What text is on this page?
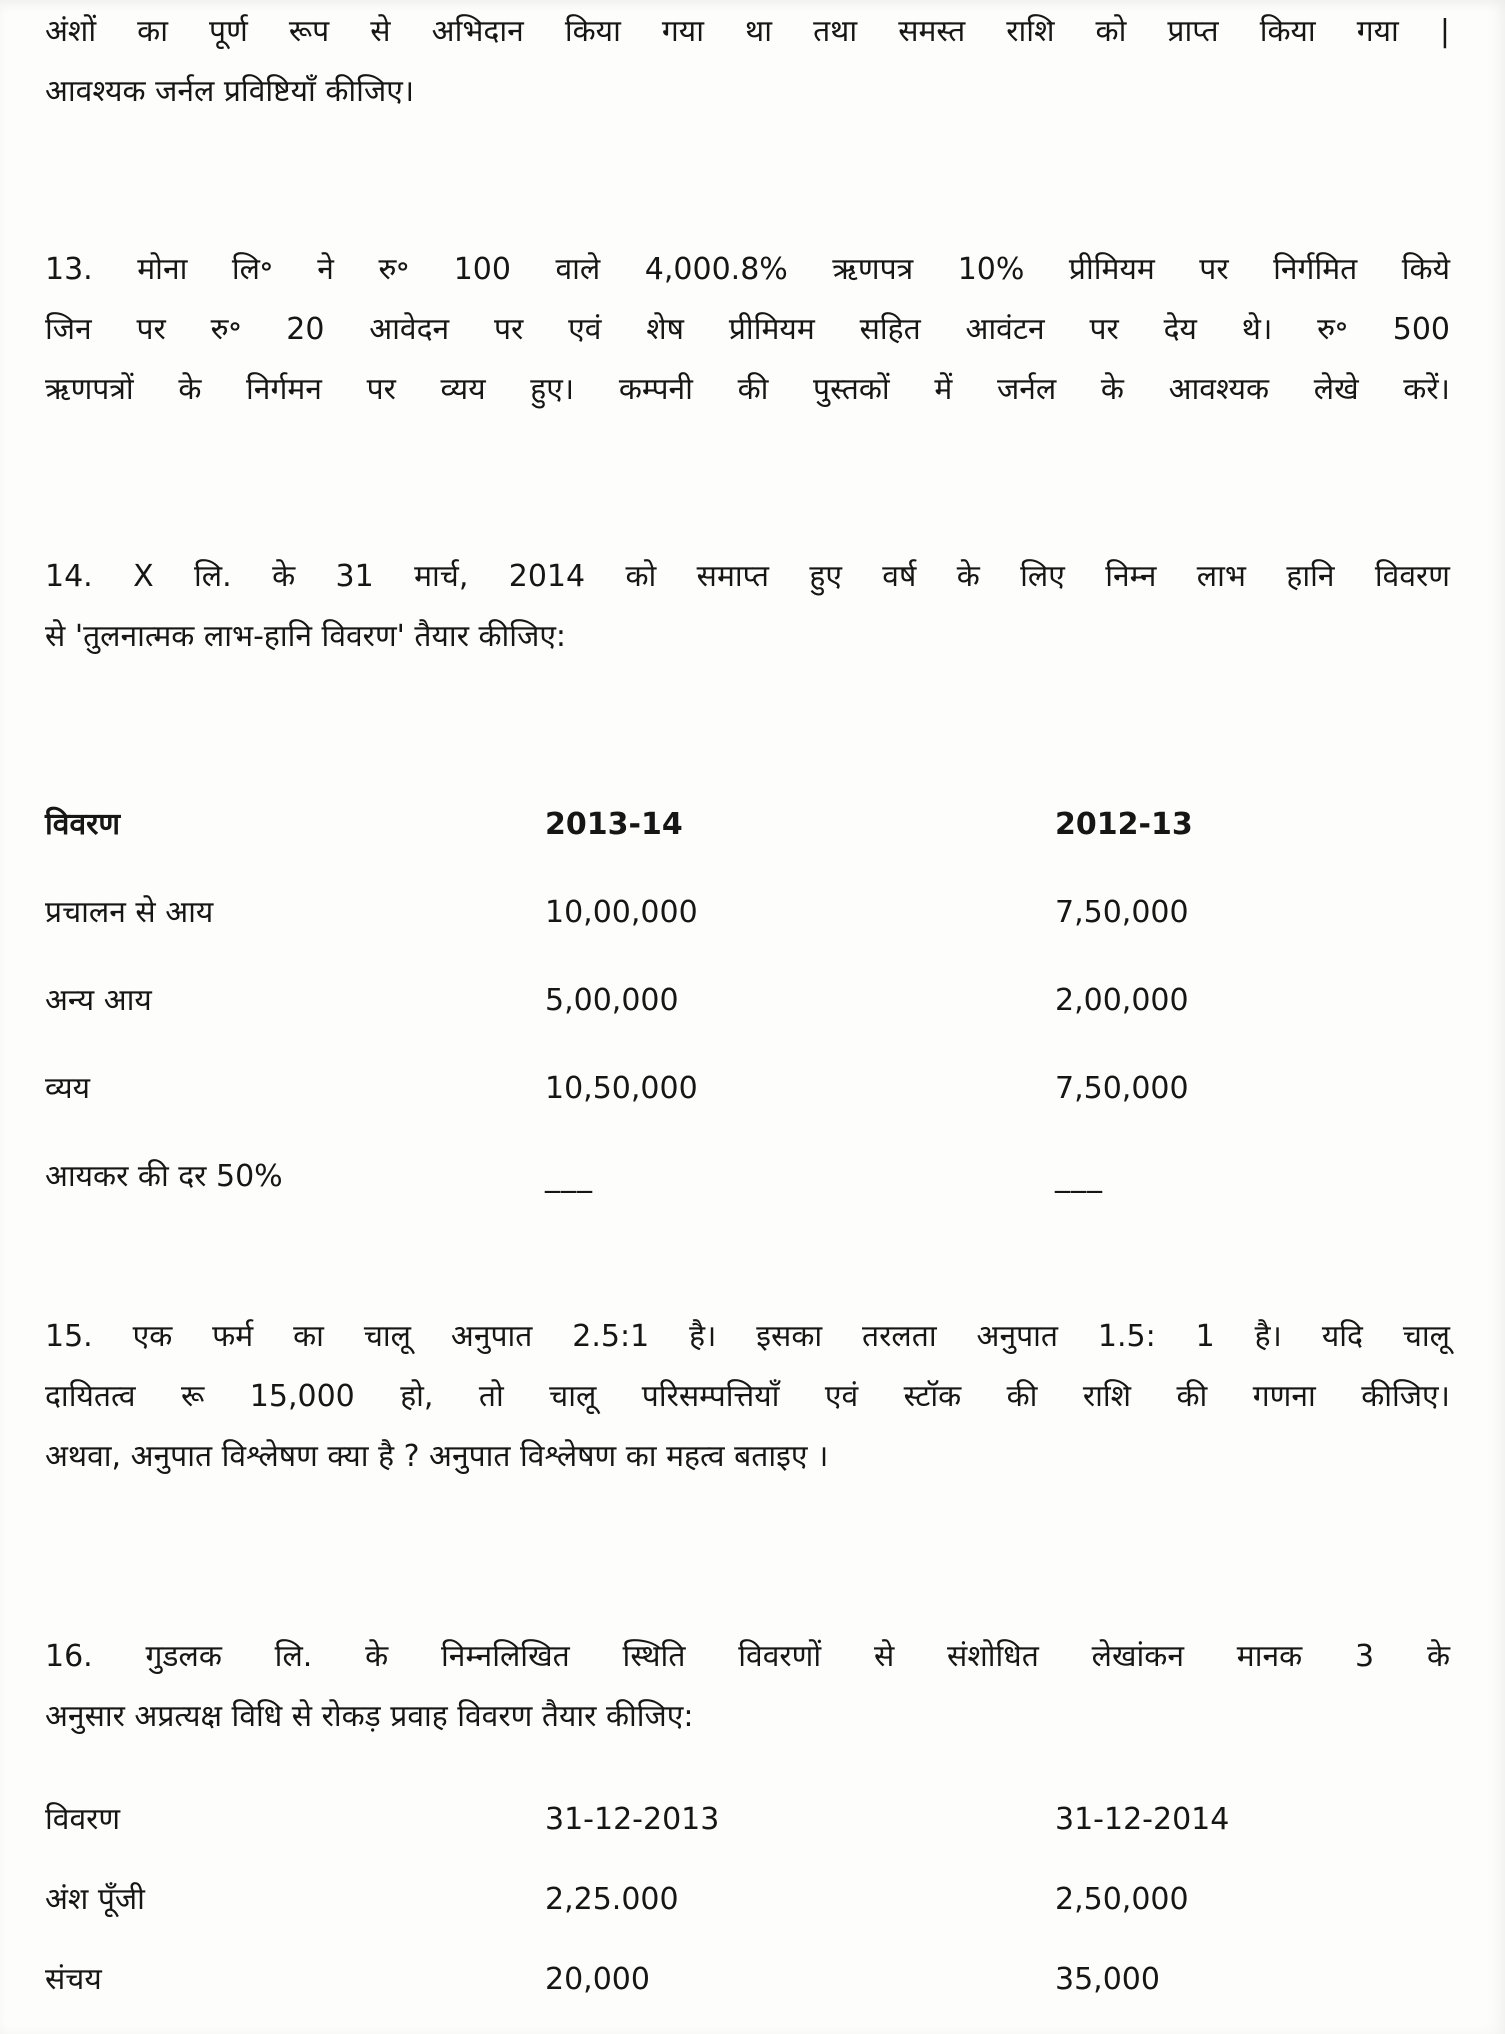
अंशों का पूर्ण रूप से अभिदान किया गया था तथा समस्त राशि को प्राप्त किया गया |
आवश्यक जर्नल प्रविष्टियाँ कीजिए।

13. मोना लि॰ ने रु॰ 100 वाले 4,000.8% ऋणपत्र 10% प्रीमियम पर निर्गमित किये
जिन पर रु॰ 20 आवेदन पर एवं शेष प्रीमियम सहित आवंटन पर देय थे। रु॰ 500
ऋणपत्रों के निर्गमन पर व्यय हुए। कम्पनी की पुस्तकों में जर्नल के आवश्यक लेखे करें।

14. X लि. के 31 मार्च, 2014 को समाप्त हुए वर्ष के लिए निम्न लाभ हानि विवरण
से 'तुलनात्मक लाभ-हानि विवरण' तैयार कीजिए:

विवरण	2013-14	2012-13
प्रचालन से आय	10,00,000	7,50,000
अन्य आय	5,00,000	2,00,000
व्यय	10,50,000	7,50,000
आयकर की दर 50%	___	___

15. एक फर्म का चालू अनुपात 2.5:1 है। इसका तरलता अनुपात 1.5: 1 है। यदि चालू
दायितत्व रू 15,000 हो, तो चालू परिसम्पत्तियाँ एवं स्टॉक की राशि की गणना कीजिए।
अथवा, अनुपात विश्लेषण क्या है ? अनुपात विश्लेषण का महत्व बताइए ।

16. गुडलक लि. के निम्नलिखित स्थिति विवरणों से संशोधित लेखांकन मानक 3 के
अनुसार अप्रत्यक्ष विधि से रोकड़ प्रवाह विवरण तैयार कीजिए:

विवरण	31-12-2013	31-12-2014
अंश पूँजी	2,25.000	2,50,000
संचय	20,000	35,000
